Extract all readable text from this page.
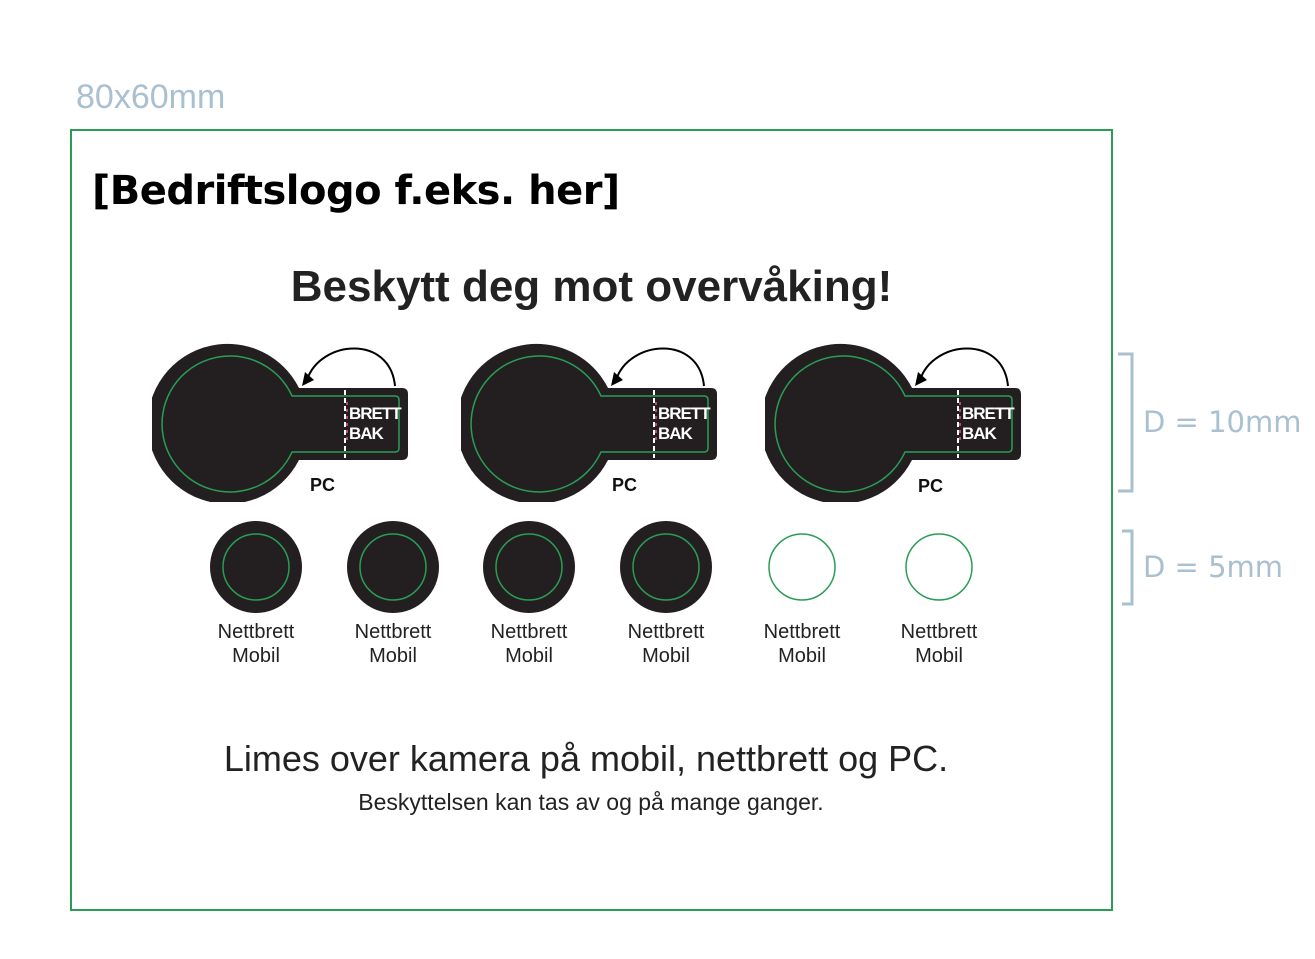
80x60mm
[Bedriftslogo f.eks. her]
Beskytt deg mot overvåking!
BRETT
BAK
PC
BRETT
BAK
PC
BRETT
BAK
PC
Nettbrett
Mobil
Nettbrett
Mobil
Nettbrett
Mobil
Nettbrett
Mobil
Nettbrett
Mobil
Nettbrett
Mobil
Limes over kamera på mobil, nettbrett og PC.
Beskyttelsen kan tas av og på mange ganger.
D = 10mm
D = 5mm
